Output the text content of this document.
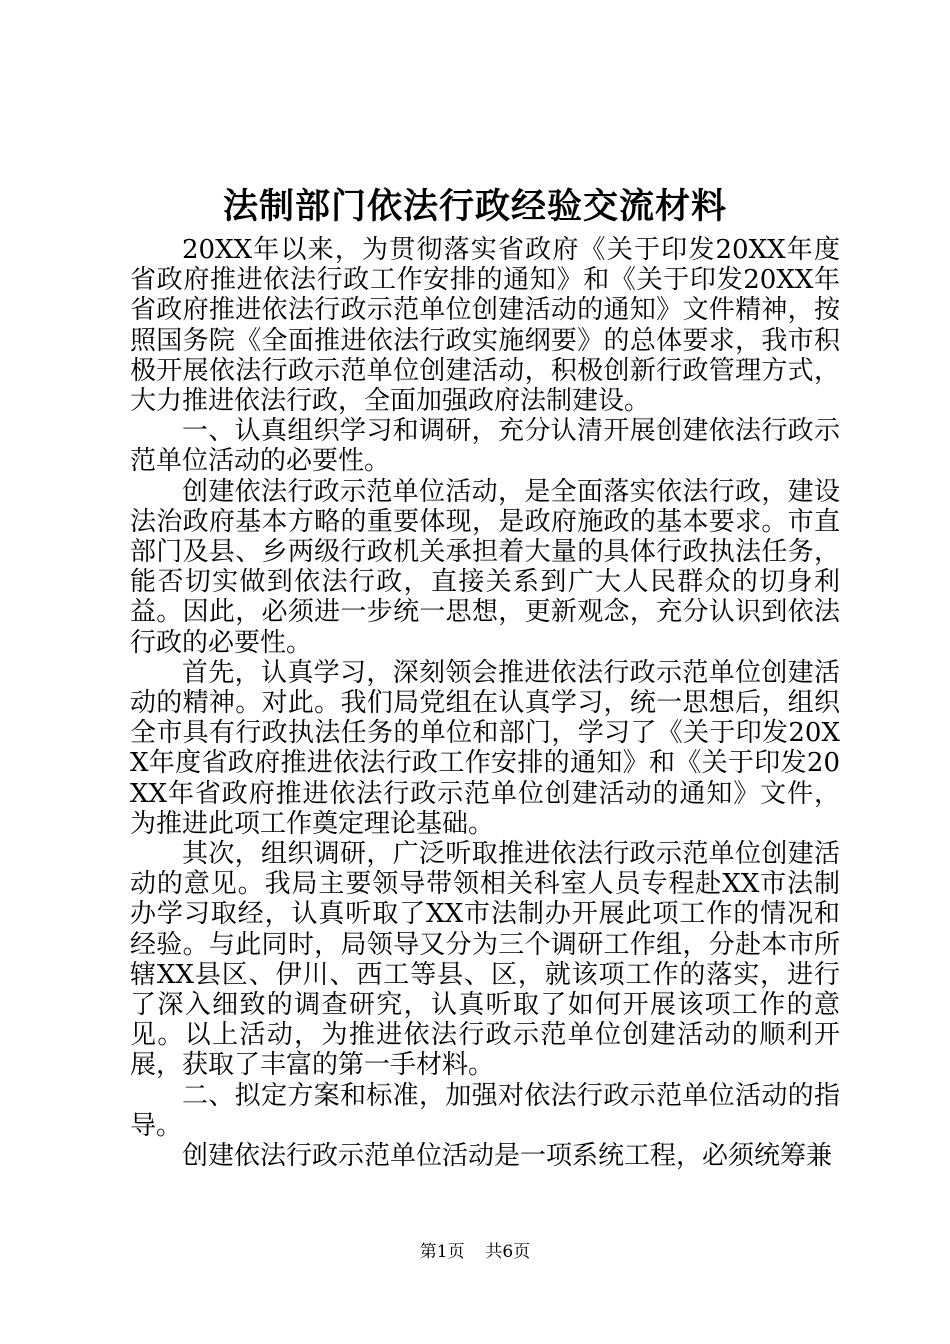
法制部门依法行政经验交流材料

20XX年以来，为贯彻落实省政府《关于印发20XX年度省政府推进依法行政工作安排的通知》和《关于印发20XX年省政府推进依法行政示范单位创建活动的通知》文件精神，按照国务院《全面推进依法行政实施纲要》的总体要求，我市积极开展依法行政示范单位创建活动，积极创新行政管理方式，大力推进依法行政，全面加强政府法制建设。

一、认真组织学习和调研，充分认清开展创建依法行政示范单位活动的必要性。

创建依法行政示范单位活动，是全面落实依法行政，建设法治政府基本方略的重要体现，是政府施政的基本要求。市直部门及县、乡两级行政机关承担着大量的具体行政执法任务，能否切实做到依法行政，直接关系到广大人民群众的切身利益。因此，必须进一步统一思想，更新观念，充分认识到依法行政的必要性。

首先，认真学习，深刻领会推进依法行政示范单位创建活动的精神。对此。我们局党组在认真学习，统一思想后，组织全市具有行政执法任务的单位和部门，学习了《关于印发20XX年度省政府推进依法行政工作安排的通知》和《关于印发20XX年省政府推进依法行政示范单位创建活动的通知》文件，为推进此项工作奠定理论基础。

其次，组织调研，广泛听取推进依法行政示范单位创建活动的意见。我局主要领导带领相关科室人员专程赴XX市法制办学习取经，认真听取了XX市法制办开展此项工作的情况和经验。与此同时，局领导又分为三个调研工作组，分赴本市所辖XX县区、伊川、西工等县、区，就该项工作的落实，进行了深入细致的调查研究，认真听取了如何开展该项工作的意见。以上活动，为推进依法行政示范单位创建活动的顺利开展，获取了丰富的第一手材料。

二、拟定方案和标准，加强对依法行政示范单位活动的指导。

创建依法行政示范单位活动是一项系统工程，必须统筹兼

第1页 共6页
